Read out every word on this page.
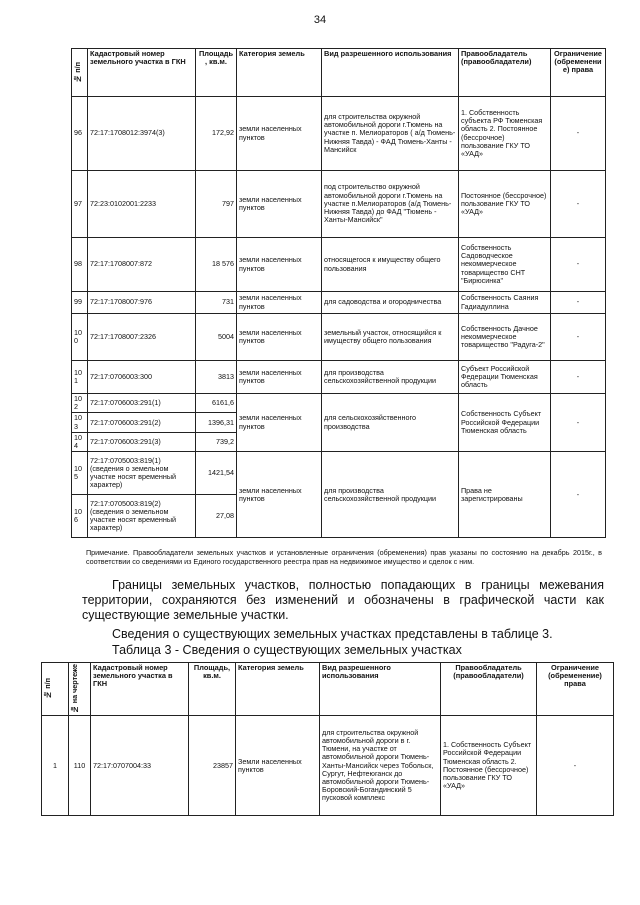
34
№ п/п	Кадастровый номер земельного участка в ГКН	Площадь, кв.м.	Категория земель	Вид разрешенного использования	Правообладатель (правообладатели)	Ограничение (обременение) права
96	72:17:1708012:3974(3)	172,92	земли населенных пунктов	для строительства окружной автомобильной дороги г.Тюмень на участке п. Мелиораторов ( а/д Тюмень-Нижняя Тавда) - ФАД Тюмень-Ханты - Мансийск	1. Собственность субъекта РФ Тюменская область 2. Постоянное (бессрочное) пользование ГКУ ТО «УАД»	-
97	72:23:0102001:2233	797	земли населенных пунктов	под строительство окружной автомобильной дороги г.Тюмень на участке п.Мелиораторов (а/д Тюмень-Нижняя Тавда) до ФАД "Тюмень - Ханты-Мансийск"	Постоянное (бессрочное) пользование ГКУ ТО «УАД»	-
98	72:17:1708007:872	18 576	земли населенных пунктов	относящегося к имуществу общего пользования	Собственность Садоводческое некоммерческое товарищество СНТ "Бирюсинка"	-
99	72:17:1708007:976	731	земли населенных пунктов	для садоводства и огородничества	Собственность Саяния Гадиадуллина	-
100	72:17:1708007:2326	5004	земли населенных пунктов	земельный участок, относящийся к имуществу общего пользования	Собственность Дачное некоммерческое товарищество "Радуга-2"	-
101	72:17:0706003:300	3813	земли населенных пунктов	для производства сельскохозяйственной продукции	Субъект Российской Федерации Тюменская область	-
102	72:17:0706003:291(1)	6161,6	земли населенных пунктов	для сельскохозяйственного производства	Собственность Субъект Российской Федерации Тюменская область	-
103	72:17:0706003:291(2)	1396,31				
104	72:17:0706003:291(3)	739,2				
105	72:17:0705003:819(1) (сведения о земельном участке носят временный характер)	1421,54	земли населенных пунктов	для производства сельскохозяйственной продукции	Права не зарегистрированы	-
106	72:17:0705003:819(2) (сведения о земельном участке носят временный характер)	27,08				
Примечание. Правообладатели земельных участков и установленные ограничения (обременения) прав указаны по состоянию на декабрь 2015г., в соответствии со сведениями из Единого государственного реестра прав на недвижимое имущество и сделок с ним.
Границы земельных участков, полностью попадающих в границы межевания территории, сохраняются без изменений и обозначены в графической части как существующие земельные участки.
Сведения о существующих земельных участках представлены в таблице 3.
Таблица 3 - Сведения о существующих земельных участках
№ п/п	№ на чертеже	Кадастровый номер земельного участка в ГКН	Площадь, кв.м.	Категория земель	Вид разрешенного использования	Правообладатель (правообладатели)	Ограничение (обременение) права
1	110	72:17:0707004:33	23857	Земли населенных пунктов	для строительства окружной автомобильной дороги в г. Тюмени, на участке от автомобильной дороги Тюмень-Ханты-Мансийск через Тобольск, Сургут, Нефтеюганск до автомобильной дороги Тюмень-Боровский-Богандинский 5 пусковой комплекс	1. Собственность Субъект Российской Федерации Тюменская область 2. Постоянное (бессрочное) пользование ГКУ ТО «УАД»	-
